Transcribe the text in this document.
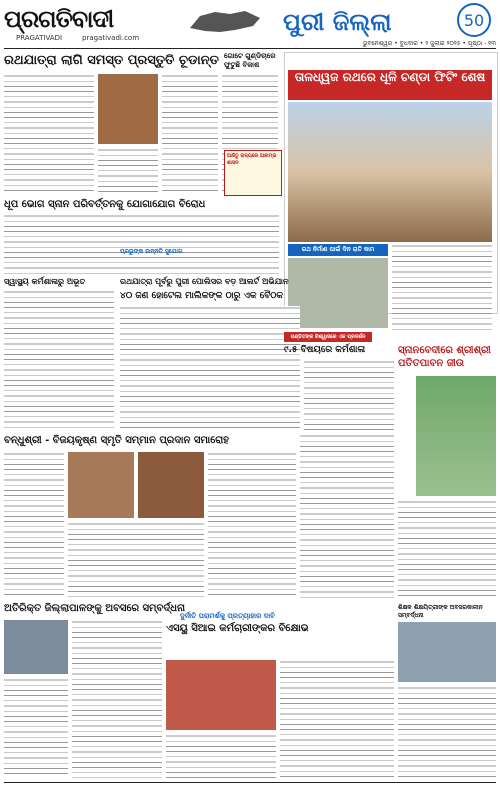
ପ୍ରଗତିବାଦୀ
PRAGATIVADI	pragativadi.com
ପୁରୀ ଜିଲ୍ଲା	50
ଭୁବନେଶ୍ୱର • ବୁଧବାର • ୨ ଜୁଲାଇ ୨୦୨୫ • ପୃଷ୍ଠା - ୧୩
ରଥଯାତ୍ରା ଲାଗି ସମସ୍ତ ପ୍ରସ୍ତୁତି ଚୂଡାନ୍ତ ଗୋଟେ ଗୁଣ୍ଡିଚାରେ ଫୁଟୁଛି ବିକାଶ
ତାଳଧ୍ୱଜ ରଥରେ ଧୂଳି ଚଣ୍ଡା ଫିଟିଂ ଶେଷ
ରଥ ନିର୍ମାଣ ପାଇଁ ଦିନ ରାତି କାମ
ଧୂପ ଭୋଗ ସ୍ନାନ ପରିବର୍ତ୍ତନକୁ ଯୋଗାଯୋଗ ବିରୋଧ
ପ୍ରଭୁଙ୍କ ଉନ୍ନତି ସୁଯୋଗ
ସ୍ୱାସ୍ଥ୍ୟ କର୍ମଶାଳାରୁ ଅଭୂତ	ରଥଯାତ୍ରା ପୂର୍ବରୁ ପୁରୀ ପୋଲିସର ବଡ଼ ଆଲର୍ଟ ଅଭିଯାନ
୪୦ ଜଣ ହୋଟେଲ ମାଲିକଙ୍କ ଠାରୁ ଏକ ବୈଠକ
ପଣ୍ଡିତଙ୍କ ବିଶ୍ୱାସରେ ଏକ ପ୍ରଦର୍ଶନ
୯.୫ ବିଷୟରେ କର୍ମଶାଳା	ସ୍ନାନବେଦୀରେ ଶ୍ରୀଶ୍ରୀ ପତିତପାବନ ଜୀଉ
ବନ୍ଧୁଶ୍ରୀ - ବିଜୟକୃଷ୍ଣ ସ୍ମୃତି ସମ୍ମାନ ପ୍ରଦାନ ସମାରୋହ
ଅତିରିକ୍ତ ଜିଲ୍ଲାପାଳଙ୍କୁ ଅବସରେ ସମ୍ବର୍ଦ୍ଧନା
ଦୁର୍ନୀତି ପରାମର୍ଶକୁ ପ୍ରତ୍ୟାହାର ଦାବି
ଏସୟୁ ସିଆଇ କର୍ମଚାରୀଙ୍କର ବିକ୍ଷୋଭ
ଶିକ୍ଷକ ଶିକ୍ଷୟିତ୍ରୀଙ୍କ ଅବସରକାଳୀନ ସମ୍ବର୍ଦ୍ଧନା
ଆଜିଠୁ ରାଜ୍ୟରେ ଆରମ୍ଭ ଶାସନ
